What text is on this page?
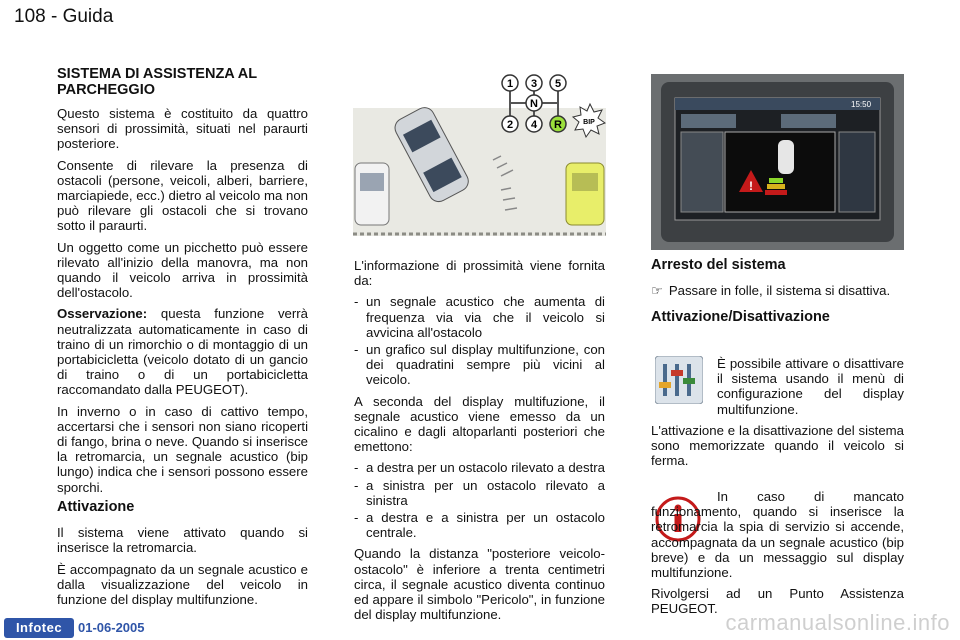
108 - Guida
SISTEMA DI ASSISTENZA AL PARCHEGGIO

Questo sistema è costituito da quattro sensori di prossimità, situati nel paraurti posteriore.

Consente di rilevare la presenza di ostacoli (persone, veicoli, alberi, barriere, marciapiede, ecc.) dietro al veicolo ma non può rilevare gli ostacoli che si trovano sotto il paraurti.

Un oggetto come un picchetto può essere rilevato all'inizio della manovra, ma non quando il veicolo arriva in prossimità dell'ostacolo.

Osservazione: questa funzione verrà neutralizzata automaticamente in caso di traino di un rimorchio o di montaggio di un portabicicletta (veicolo dotato di un gancio di traino o di un portabicicletta raccomandato dalla PEUGEOT).

In inverno o in caso di cattivo tempo, accertarsi che i sensori non siano ricoperti di fango, brina o neve. Quando si inserisce la retromarcia, un segnale acustico (bip lungo) indica che i sensori possono essere sporchi.

Attivazione

Il sistema viene attivato quando si inserisce la retromarcia.

È accompagnato da un segnale acustico e dalla visualizzazione del veicolo in funzione del display multifunzione.

1 3 5
N
2 4 R	BIP

L'informazione di prossimità viene fornita da:

- un segnale acustico che aumenta di frequenza via via che il veicolo si avvicina all'ostacolo
- un grafico sul display multifunzione, con dei quadratini sempre più vicini al veicolo.

A seconda del display multifuzione, il segnale acustico viene emesso da un cicalino e dagli altoparlanti posteriori che emettono:

- a destra per un ostacolo rilevato a destra
- a sinistra per un ostacolo rilevato a sinistra
- a destra e a sinistra per un ostacolo centrale.

Quando la distanza "posteriore veicolo-ostacolo" è inferiore a trenta centimetri circa, il segnale acustico diventa continuo ed appare il simbolo "Pericolo", in funzione del display multifunzione.

15:50
!
Arresto del sistema
☞ Passare in folle, il sistema si disattiva.
Attivazione/Disattivazione

È possibile attivare o disattivare il sistema usando il menù di configurazione del display multifunzione.

L'attivazione e la disattivazione del sistema sono memorizzate quando il veicolo si ferma.

In caso di mancato funzionamento, quando si inserisce la retromarcia la spia di servizio si accende, accompagnata da un segnale acustico (bip breve) e da un messaggio sul display multifunzione.

Rivolgersi ad un Punto Assistenza PEUGEOT.

Infotec	01-06-2005	carmanualsonline.info
